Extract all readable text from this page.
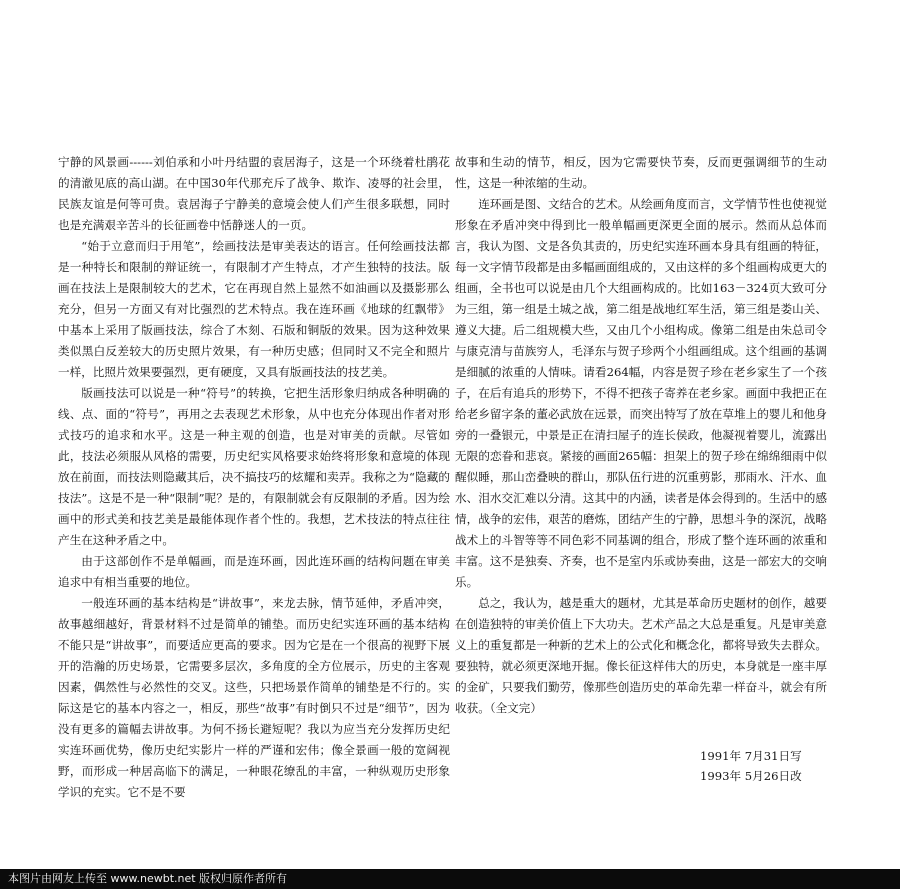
宁静的风景画------刘伯承和小叶丹结盟的袁居海子，这是一个环绕着杜鹃花的清澈见底的高山湖。在中国30年代那充斥了战争、欺诈、凌辱的社会里，民族友谊是何等可贵。袁居海子宁静美的意境会使人们产生很多联想，同时也是充满艰辛苦斗的长征画卷中恬静迷人的一页。

“始于立意而归于用笔”，绘画技法是审美表达的语言。任何绘画技法都是一种特长和限制的辩证统一，有限制才产生特点，才产生独特的技法。版画在技法上是限制较大的艺术，它在再现自然上显然不如油画以及摄影那么充分，但另一方面又有对比强烈的艺术特点。我在连环画《地球的红飘带》中基本上采用了版画技法，综合了木刻、石版和铜版的效果。因为这种效果类似黑白反差较大的历史照片效果，有一种历史感；但同时又不完全和照片一样，比照片效果要强烈，更有硬度，又具有版画技法的技艺美。

版画技法可以说是一种“符号”的转换，它把生活形象归纳成各种明确的线、点、面的“符号”，再用之去表现艺术形象，从中也充分体现出作者对形式技巧的追求和水平。这是一种主观的创造，也是对审美的贡献。尽管如此，技法必须服从风格的需要，历史纪实风格要求始终将形象和意境的体现放在前面，而技法则隐藏其后，决不搞技巧的炫耀和卖弄。我称之为“隐藏的技法”。这是不是一种“限制”呢？是的，有限制就会有反限制的矛盾。因为绘画中的形式美和技艺美是最能体现作者个性的。我想，艺术技法的特点往往产生在这种矛盾之中。

由于这部创作不是单幅画，而是连环画，因此连环画的结构问题在审美追求中有相当重要的地位。

一般连环画的基本结构是“讲故事”，来龙去脉，情节延伸，矛盾冲突，故事越细越好，背景材料不过是简单的铺垫。而历史纪实连环画的基本结构不能只是“讲故事”，而要适应更高的要求。因为它是在一个很高的视野下展开的浩瀚的历史场景，它需要多层次，多角度的全方位展示，历史的主客观因素，偶然性与必然性的交叉。这些，只把场景作简单的铺垫是不行的。实际这是它的基本内容之一，相反，那些“故事”有时倒只不过是“细节”，因为没有更多的篇幅去讲故事。为何不扬长避短呢？我以为应当充分发挥历史纪实连环画优势，像历史纪实影片一样的严谨和宏伟；像全景画一般的宽阔视野，而形成一种居高临下的满足，一种眼花缭乱的丰富，一种纵观历史形象学识的充实。它不是不要

故事和生动的情节，相反，因为它需要快节奏，反而更强调细节的生动性，这是一种浓缩的生动。

连环画是图、文结合的艺术。从绘画角度而言，文学情节性也使视觉形象在矛盾冲突中得到比一般单幅画更深更全面的展示。然而从总体而言，我认为图、文是各负其责的，历史纪实连环画本身具有组画的特征，每一文字情节段都是由多幅画面组成的，又由这样的多个组画构成更大的组画，全书也可以说是由几个大组画构成的。比如163－324页大致可分为三组，第一组是土城之战，第二组是战地红军生活，第三组是娄山关、遵义大捷。后二组规模大些，又由几个小组构成。像第二组是由朱总司令与康克清与苗族穷人，毛泽东与贺子珍两个小组画组成。这个组画的基调是细腻的浓重的人情味。请看264幅，内容是贺子珍在老乡家生了一个孩子，在后有追兵的形势下，不得不把孩子寄养在老乡家。画面中我把正在给老乡留字条的董必武放在远景，而突出特写了放在草堆上的婴儿和他身旁的一叠银元，中景是正在清扫屋子的连长侯政，他凝视着婴儿，流露出无限的恋眷和悲哀。紧接的画面265幅：担架上的贺子珍在绵绵细雨中似醒似睡，那山峦叠映的群山，那队伍行进的沉重剪影，那雨水、汗水、血水、泪水交汇难以分清。这其中的内涵，读者是体会得到的。生活中的感情，战争的宏伟，艰苦的磨炼，团结产生的宁静，思想斗争的深沉，战略战术上的斗智等等不同色彩不同基调的组合，形成了整个连环画的浓重和丰富。这不是独奏、齐奏，也不是室内乐或协奏曲，这是一部宏大的交响乐。

总之，我认为，越是重大的题材，尤其是革命历史题材的创作，越要在创造独特的审美价值上下大功夫。艺术产品之大总是重复。凡是审美意义上的重复都是一种新的艺术上的公式化和概念化，都将导致失去群众。要独特，就必须更深地开掘。像长征这样伟大的历史，本身就是一座丰厚的金矿，只要我们勤劳，像那些创造历史的革命先辈一样奋斗，就会有所收获。（全文完）

1991年 7月31日写
1993年 5月26日改
本图片由网友上传至 www.newbt.net 版权归原作者所有
